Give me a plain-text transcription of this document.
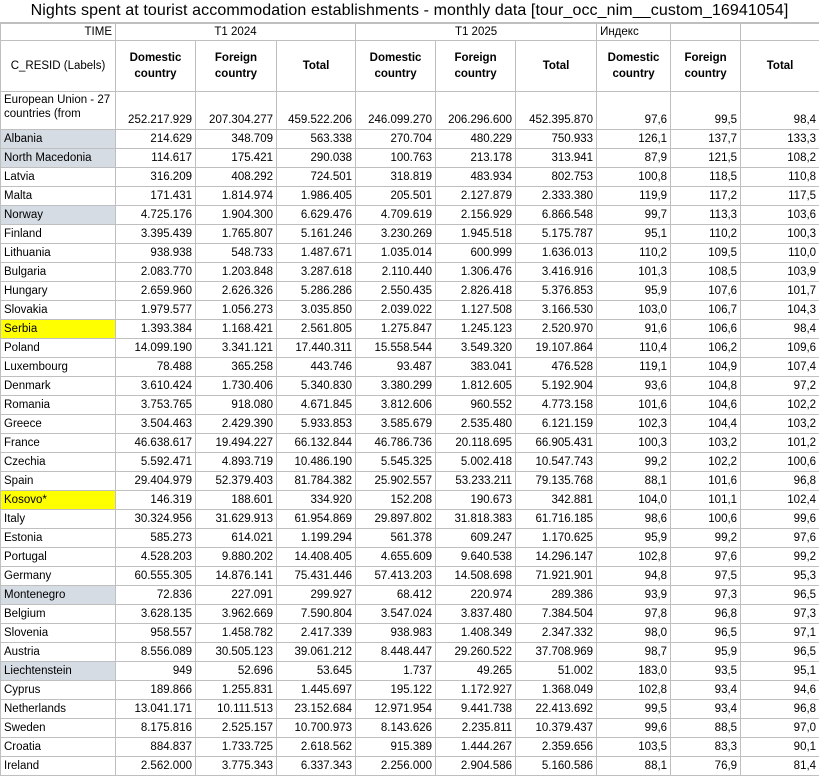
Nights spent at tourist accommodation establishments - monthly data [tour_occ_nim__custom_16941054]
TIME	T1 2024			T1 2025			Индекс		
C_RESID (Labels)	Domestic country	Foreign country	Total	Domestic country	Foreign country	Total	Domestic country	Foreign country	Total
European Union - 27 countries (from	252.217.929	207.304.277	459.522.206	246.099.270	206.296.600	452.395.870	97,6	99,5	98,4
Albania	214.629	348.709	563.338	270.704	480.229	750.933	126,1	137,7	133,3
North Macedonia	114.617	175.421	290.038	100.763	213.178	313.941	87,9	121,5	108,2
Latvia	316.209	408.292	724.501	318.819	483.934	802.753	100,8	118,5	110,8
Malta	171.431	1.814.974	1.986.405	205.501	2.127.879	2.333.380	119,9	117,2	117,5
Norway	4.725.176	1.904.300	6.629.476	4.709.619	2.156.929	6.866.548	99,7	113,3	103,6
Finland	3.395.439	1.765.807	5.161.246	3.230.269	1.945.518	5.175.787	95,1	110,2	100,3
Lithuania	938.938	548.733	1.487.671	1.035.014	600.999	1.636.013	110,2	109,5	110,0
Bulgaria	2.083.770	1.203.848	3.287.618	2.110.440	1.306.476	3.416.916	101,3	108,5	103,9
Hungary	2.659.960	2.626.326	5.286.286	2.550.435	2.826.418	5.376.853	95,9	107,6	101,7
Slovakia	1.979.577	1.056.273	3.035.850	2.039.022	1.127.508	3.166.530	103,0	106,7	104,3
Serbia	1.393.384	1.168.421	2.561.805	1.275.847	1.245.123	2.520.970	91,6	106,6	98,4
Poland	14.099.190	3.341.121	17.440.311	15.558.544	3.549.320	19.107.864	110,4	106,2	109,6
Luxembourg	78.488	365.258	443.746	93.487	383.041	476.528	119,1	104,9	107,4
Denmark	3.610.424	1.730.406	5.340.830	3.380.299	1.812.605	5.192.904	93,6	104,8	97,2
Romania	3.753.765	918.080	4.671.845	3.812.606	960.552	4.773.158	101,6	104,6	102,2
Greece	3.504.463	2.429.390	5.933.853	3.585.679	2.535.480	6.121.159	102,3	104,4	103,2
France	46.638.617	19.494.227	66.132.844	46.786.736	20.118.695	66.905.431	100,3	103,2	101,2
Czechia	5.592.471	4.893.719	10.486.190	5.545.325	5.002.418	10.547.743	99,2	102,2	100,6
Spain	29.404.979	52.379.403	81.784.382	25.902.557	53.233.211	79.135.768	88,1	101,6	96,8
Kosovo*	146.319	188.601	334.920	152.208	190.673	342.881	104,0	101,1	102,4
Italy	30.324.956	31.629.913	61.954.869	29.897.802	31.818.383	61.716.185	98,6	100,6	99,6
Estonia	585.273	614.021	1.199.294	561.378	609.247	1.170.625	95,9	99,2	97,6
Portugal	4.528.203	9.880.202	14.408.405	4.655.609	9.640.538	14.296.147	102,8	97,6	99,2
Germany	60.555.305	14.876.141	75.431.446	57.413.203	14.508.698	71.921.901	94,8	97,5	95,3
Montenegro	72.836	227.091	299.927	68.412	220.974	289.386	93,9	97,3	96,5
Belgium	3.628.135	3.962.669	7.590.804	3.547.024	3.837.480	7.384.504	97,8	96,8	97,3
Slovenia	958.557	1.458.782	2.417.339	938.983	1.408.349	2.347.332	98,0	96,5	97,1
Austria	8.556.089	30.505.123	39.061.212	8.448.447	29.260.522	37.708.969	98,7	95,9	96,5
Liechtenstein	949	52.696	53.645	1.737	49.265	51.002	183,0	93,5	95,1
Cyprus	189.866	1.255.831	1.445.697	195.122	1.172.927	1.368.049	102,8	93,4	94,6
Netherlands	13.041.171	10.111.513	23.152.684	12.971.954	9.441.738	22.413.692	99,5	93,4	96,8
Sweden	8.175.816	2.525.157	10.700.973	8.143.626	2.235.811	10.379.437	99,6	88,5	97,0
Croatia	884.837	1.733.725	2.618.562	915.389	1.444.267	2.359.656	103,5	83,3	90,1
Ireland	2.562.000	3.775.343	6.337.343	2.256.000	2.904.586	5.160.586	88,1	76,9	81,4
